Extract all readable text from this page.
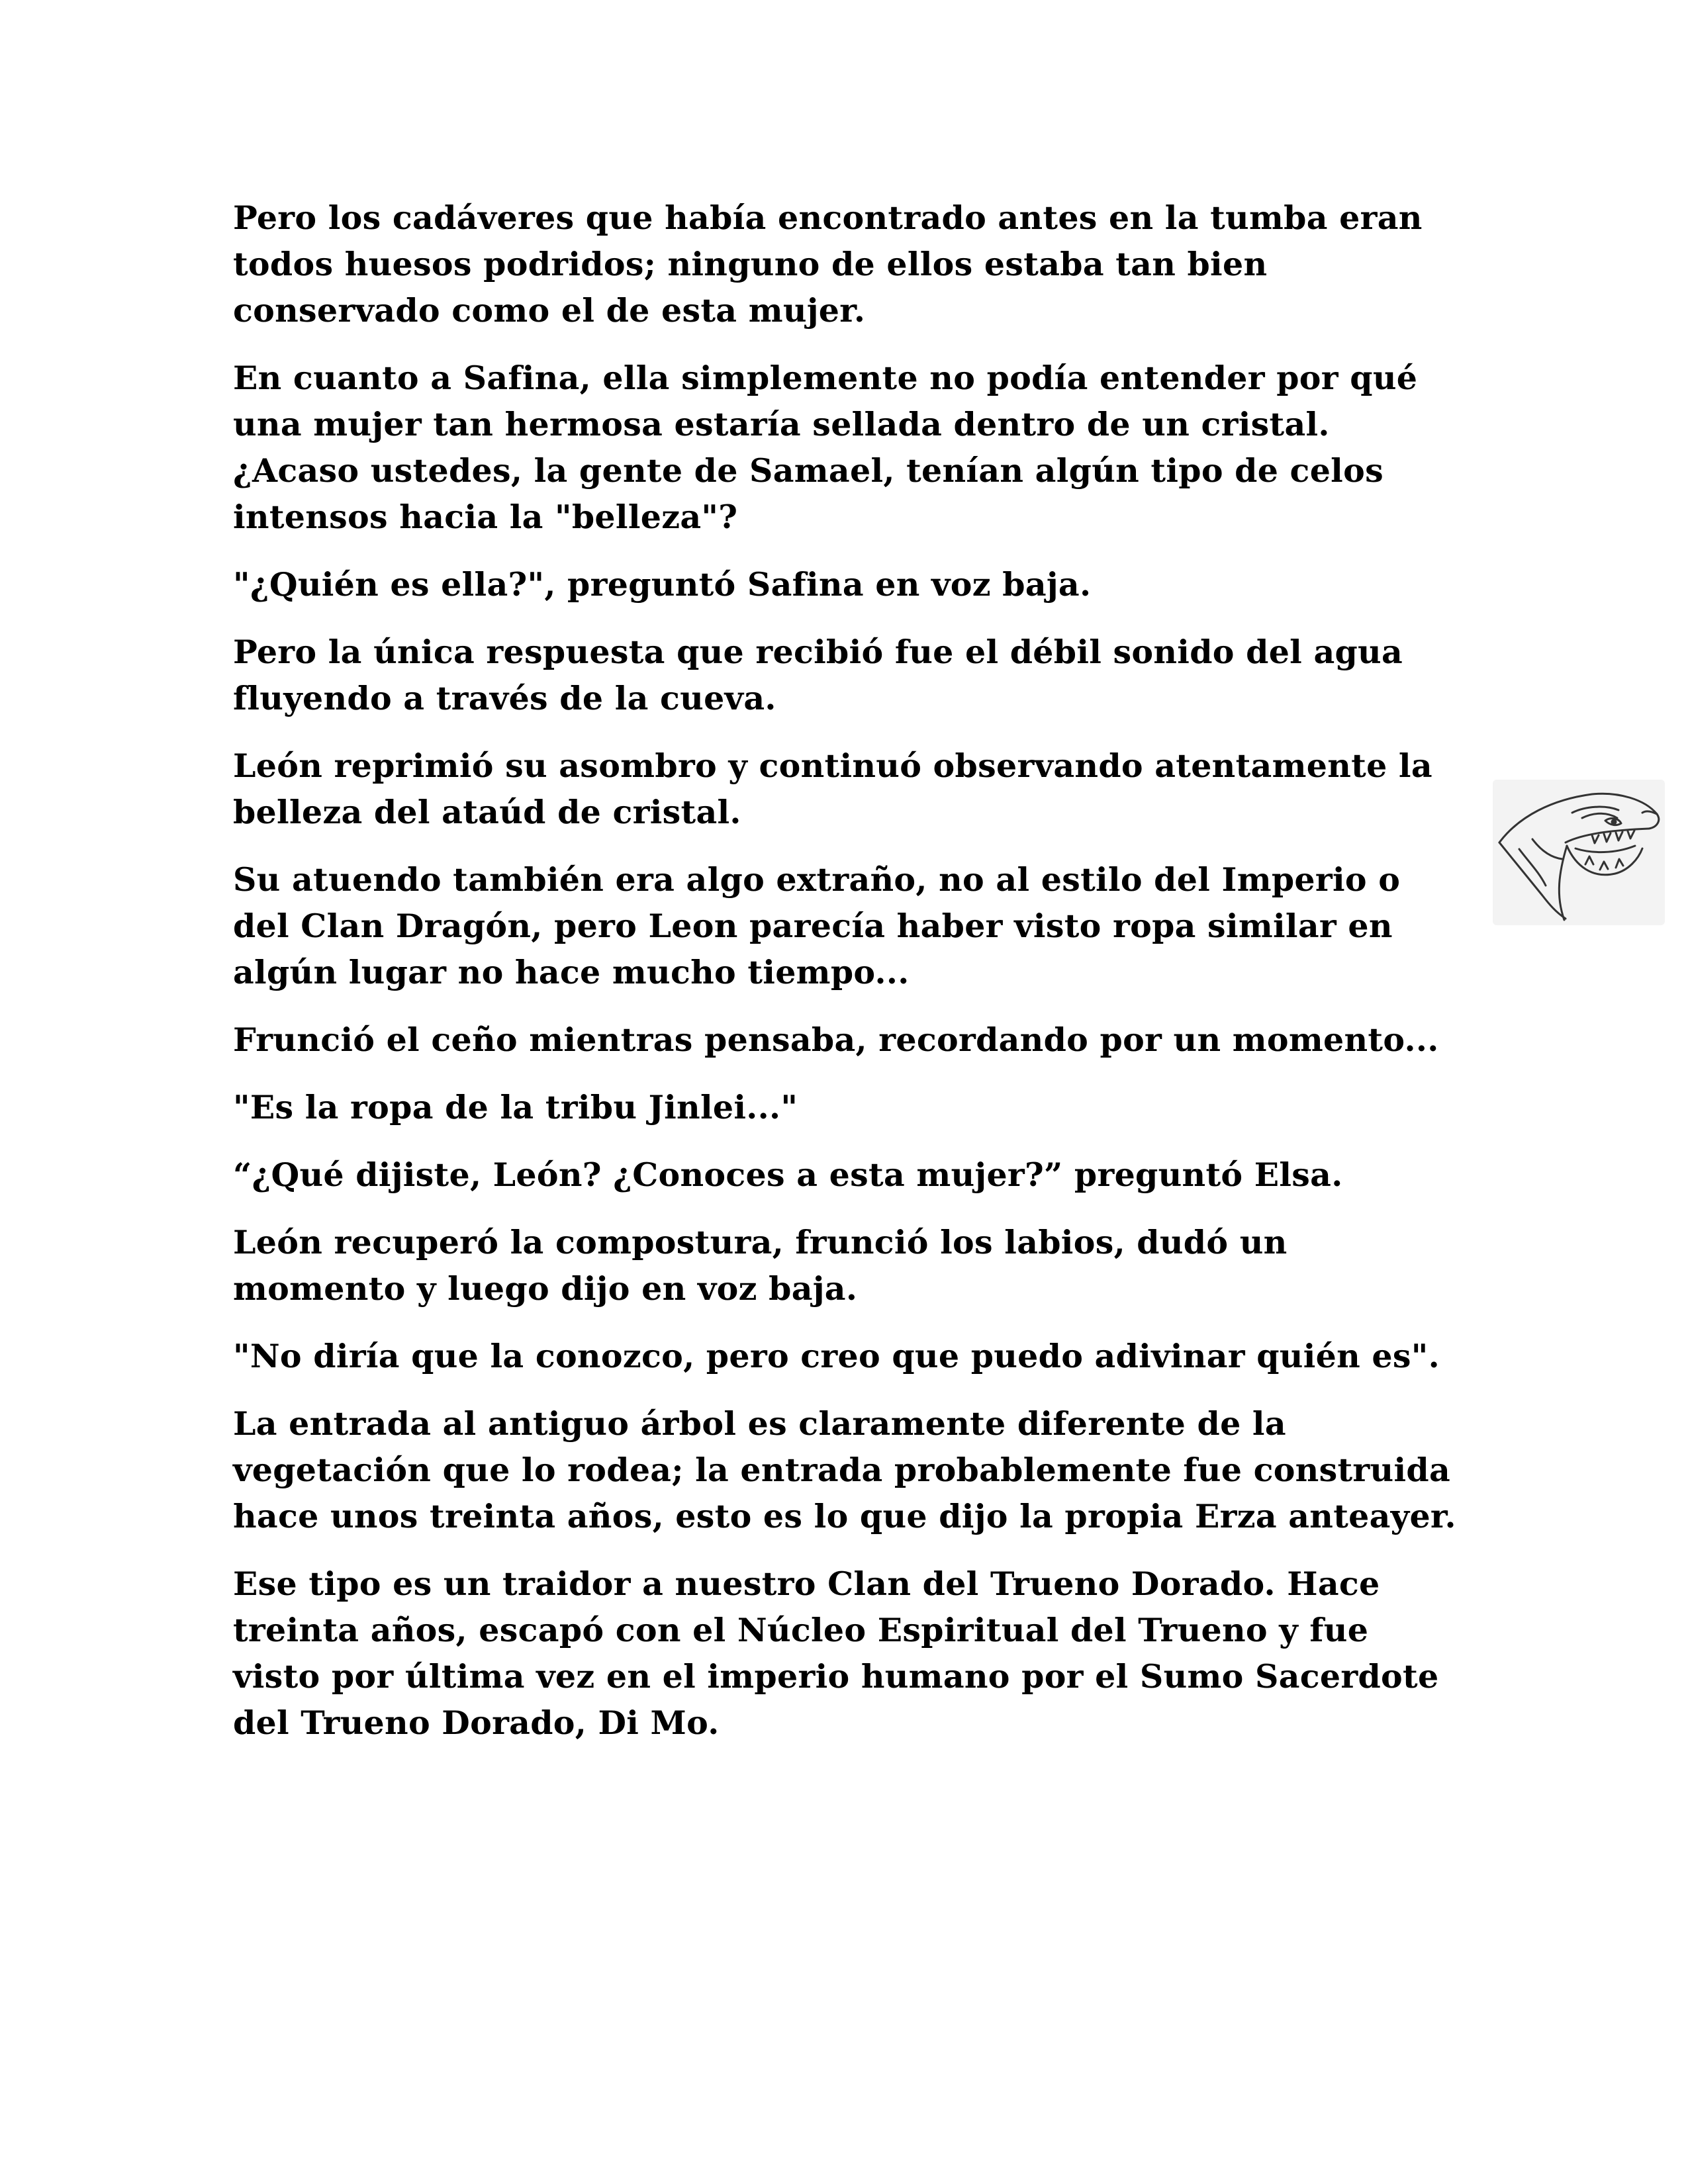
Pero los cadáveres que había encontrado antes en la tumba eran todos huesos podridos; ninguno de ellos estaba tan bien conservado como el de esta mujer.

En cuanto a Safina, ella simplemente no podía entender por qué una mujer tan hermosa estaría sellada dentro de un cristal. ¿Acaso ustedes, la gente de Samael, tenían algún tipo de celos intensos hacia la "belleza"?

"¿Quién es ella?", preguntó Safina en voz baja.

Pero la única respuesta que recibió fue el débil sonido del agua fluyendo a través de la cueva.

León reprimió su asombro y continuó observando atentamente la belleza del ataúd de cristal.

Su atuendo también era algo extraño, no al estilo del Imperio o del Clan Dragón, pero Leon parecía haber visto ropa similar en algún lugar no hace mucho tiempo...

Frunció el ceño mientras pensaba, recordando por un momento...

"Es la ropa de la tribu Jinlei..."

“¿Qué dijiste, León? ¿Conoces a esta mujer?” preguntó Elsa.

León recuperó la compostura, frunció los labios, dudó un momento y luego dijo en voz baja.

"No diría que la conozco, pero creo que puedo adivinar quién es".

La entrada al antiguo árbol es claramente diferente de la vegetación que lo rodea; la entrada probablemente fue construida hace unos treinta años, esto es lo que dijo la propia Erza anteayer.

Ese tipo es un traidor a nuestro Clan del Trueno Dorado. Hace treinta años, escapó con el Núcleo Espiritual del Trueno y fue visto por última vez en el imperio humano por el Sumo Sacerdote del Trueno Dorado, Di Mo.
